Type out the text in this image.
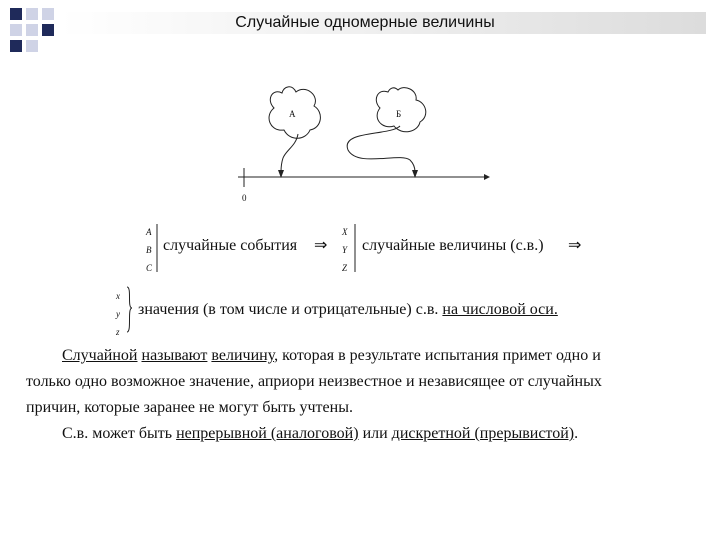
Случайные одномерные величины
А	Б
0
A
B
C
случайные события ⇒
X
Y
Z
случайные величины (с.в.) ⇒
x
y
z
значения (в том числе и отрицательные) с.в. на числовой оси.
Случайной называют величину, которая в результате испытания примет одно и
только одно возможное значение, априори неизвестное и независящее от случайных
причин, которые заранее не могут быть учтены.
С.в. может быть непрерывной (аналоговой) или дискретной (прерывистой).
